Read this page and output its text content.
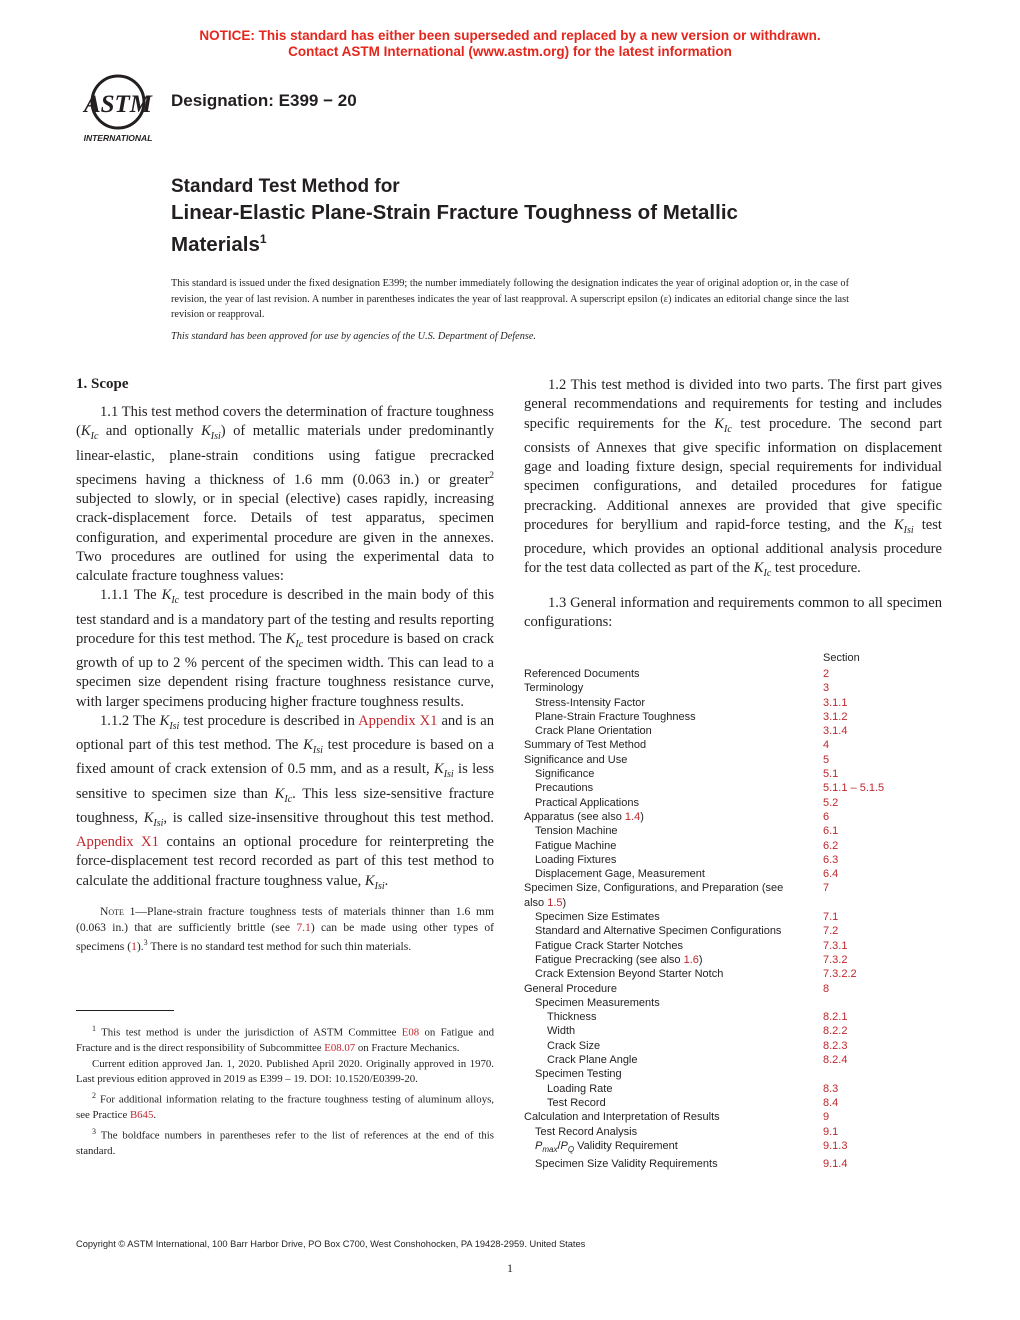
NOTICE: This standard has either been superseded and replaced by a new version or withdrawn.
Contact ASTM International (www.astm.org) for the latest information
ASTM
INTERNATIONAL
Designation: E399 − 20
Standard Test Method for
Linear-Elastic Plane-Strain Fracture Toughness of Metallic
Materials$^1$
This standard is issued under the fixed designation E399; the number immediately following the designation indicates the year of original adoption or, in the case of revision, the year of last revision. A number in parentheses indicates the year of last reapproval. A superscript epsilon (ε) indicates an editorial change since the last revision or reapproval.
This standard has been approved for use by agencies of the U.S. Department of Defense.
1. Scope

1.1 This test method covers the determination of fracture toughness ($K_{Ic}$ and optionally $K_{Isi}$) of metallic materials under predominantly linear-elastic, plane-strain conditions using fatigue precracked specimens having a thickness of 1.6 mm (0.063 in.) or greater$^2$ subjected to slowly, or in special (elective) cases rapidly, increasing crack-displacement force. Details of test apparatus, specimen configuration, and experimental procedure are given in the annexes. Two procedures are outlined for using the experimental data to calculate fracture toughness values:

1.1.1 The $K_{Ic}$ test procedure is described in the main body of this test standard and is a mandatory part of the testing and results reporting procedure for this test method. The $K_{Ic}$ test procedure is based on crack growth of up to 2 % percent of the specimen width. This can lead to a specimen size dependent rising fracture toughness resistance curve, with larger specimens producing higher fracture toughness results.

1.1.2 The $K_{Isi}$ test procedure is described in Appendix X1 and is an optional part of this test method. The $K_{Isi}$ test procedure is based on a fixed amount of crack extension of 0.5 mm, and as a result, $K_{Isi}$ is less sensitive to specimen size than $K_{Ic}$. This less size-sensitive fracture toughness, $K_{Isi}$, is called size-insensitive throughout this test method. Appendix X1 contains an optional procedure for reinterpreting the force-displacement test record recorded as part of this test method to calculate the additional fracture toughness value, $K_{Isi}$.

Note 1—Plane-strain fracture toughness tests of materials thinner than 1.6 mm (0.063 in.) that are sufficiently brittle (see 7.1) can be made using other types of specimens (1).$^3$ There is no standard test method for such thin materials.

1.2 This test method is divided into two parts. The first part gives general recommendations and requirements for testing and includes specific requirements for the $K_{Ic}$ test procedure. The second part consists of Annexes that give specific information on displacement gage and loading fixture design, special requirements for individual specimen configurations, and detailed procedures for fatigue precracking. Additional annexes are provided that give specific procedures for beryllium and rapid-force testing, and the $K_{Isi}$ test procedure, which provides an optional additional analysis procedure for the test data collected as part of the $K_{Ic}$ test procedure.

1.3 General information and requirements common to all specimen configurations:

Section
Referenced Documents	2
Terminology	3
Stress-Intensity Factor	3.1.1
Plane-Strain Fracture Toughness	3.1.2
Crack Plane Orientation	3.1.4
Summary of Test Method	4
Significance and Use	5
Significance	5.1
Precautions	5.1.1 – 5.1.5
Practical Applications	5.2
Apparatus (see also 1.4)	6
Tension Machine	6.1
Fatigue Machine	6.2
Loading Fixtures	6.3
Displacement Gage, Measurement	6.4
Specimen Size, Configurations, and Preparation (see	7
also 1.5)
Specimen Size Estimates	7.1
Standard and Alternative Specimen Configurations	7.2
Fatigue Crack Starter Notches	7.3.1
Fatigue Precracking (see also 1.6)	7.3.2
Crack Extension Beyond Starter Notch	7.3.2.2
General Procedure	8
Specimen Measurements
Thickness	8.2.1
Width	8.2.2
Crack Size	8.2.3
Crack Plane Angle	8.2.4
Specimen Testing
Loading Rate	8.3
Test Record	8.4
Calculation and Interpretation of Results	9
Test Record Analysis	9.1
$P_{max}/P_Q$ Validity Requirement	9.1.3
Specimen Size Validity Requirements	9.1.4

$^1$ This test method is under the jurisdiction of ASTM Committee E08 on Fatigue and Fracture and is the direct responsibility of Subcommittee E08.07 on Fracture Mechanics.

Current edition approved Jan. 1, 2020. Published April 2020. Originally approved in 1970. Last previous edition approved in 2019 as E399 – 19. DOI: 10.1520/E0399-20.

$^2$ For additional information relating to the fracture toughness testing of aluminum alloys, see Practice B645.

$^3$ The boldface numbers in parentheses refer to the list of references at the end of this standard.

Copyright © ASTM International, 100 Barr Harbor Drive, PO Box C700, West Conshohocken, PA 19428-2959. United States
1
